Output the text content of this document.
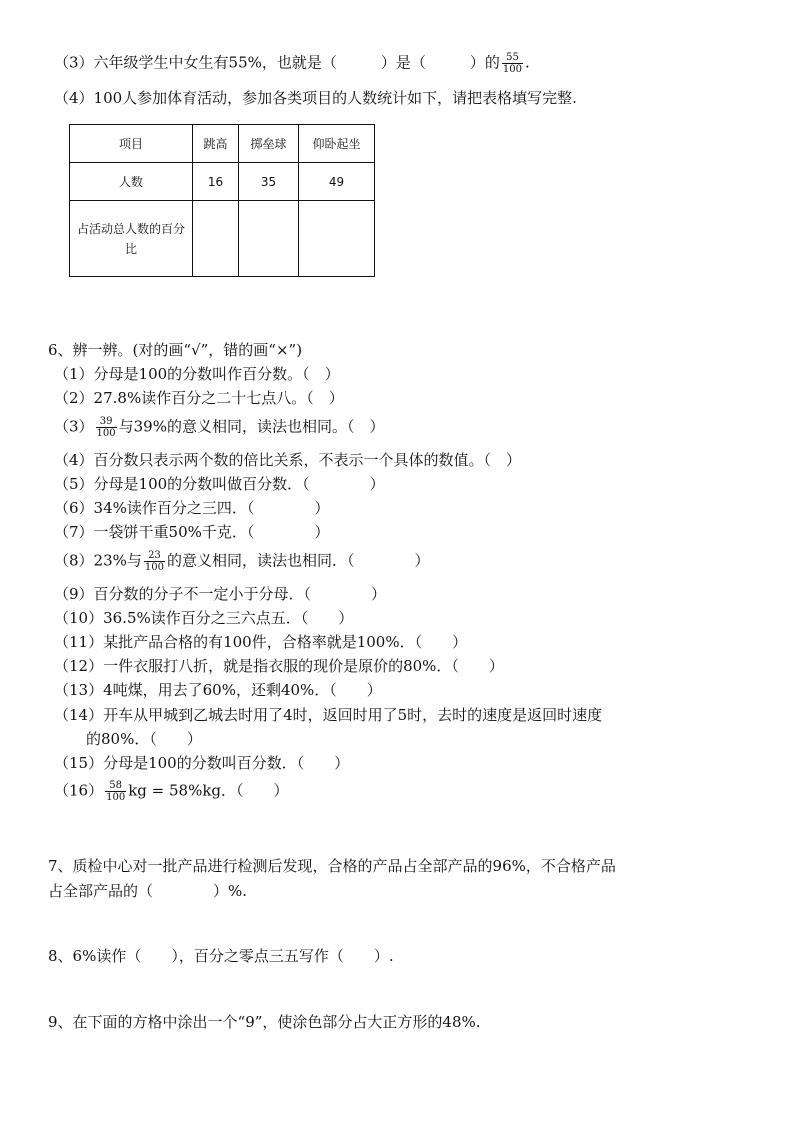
（3）六年级学生中女生有55%，也就是（	）是（	）的 $\frac{55}{100}$ .
（4）100人参加体育活动，参加各类项目的人数统计如下，请把表格填写完整.
项目	跳高	掷垒球	仰卧起坐
人数	16	35	49
占活动总人数的百分比			
6、辨一辨。(对的画“√”，错的画“×”)
（1）分母是100的分数叫作百分数。（　）
（2）27.8%读作百分之二十七点八。（　）
$(3) \frac{39}{100}$ 与39%的意义相同，读法也相同。（　）
（4）百分数只表示两个数的倍比关系，不表示一个具体的数值。（　）
（5）分母是100的分数叫做百分数．（　　　　）
（6）34%读作百分之三四．（　　　　）
（7）一袋饼干重50%千克．（　　　　）
（8）23%与 $\frac{23}{100}$ 的意义相同，读法也相同．（　　　　）
（9）百分数的分子不一定小于分母．（　　　　）
（10）36.5%读作百分之三六点五．（　　）
（11）某批产品合格的有100件，合格率就是100%．（　　）
（12）一件衣服打八折，就是指衣服的现价是原价的80%．（　　）
（13）4吨煤，用去了60%，还剩40%．（　　）
（14）开车从甲城到乙城去时用了4时，返回时用了5时，去时的速度是返回时速度
的80%．（　　）
（15）分母是100的分数叫百分数．（　　）
$(16) \frac{58}{100}$ kg = 58%kg．（　　）
7、质检中心对一批产品进行检测后发现，合格的产品占全部产品的96%，不合格产品
占全部产品的（　　　　）%.
8、6%读作（　　），百分之零点三五写作（　　）.
9、在下面的方格中涂出一个“9”，使涂色部分占大正方形的48%.
